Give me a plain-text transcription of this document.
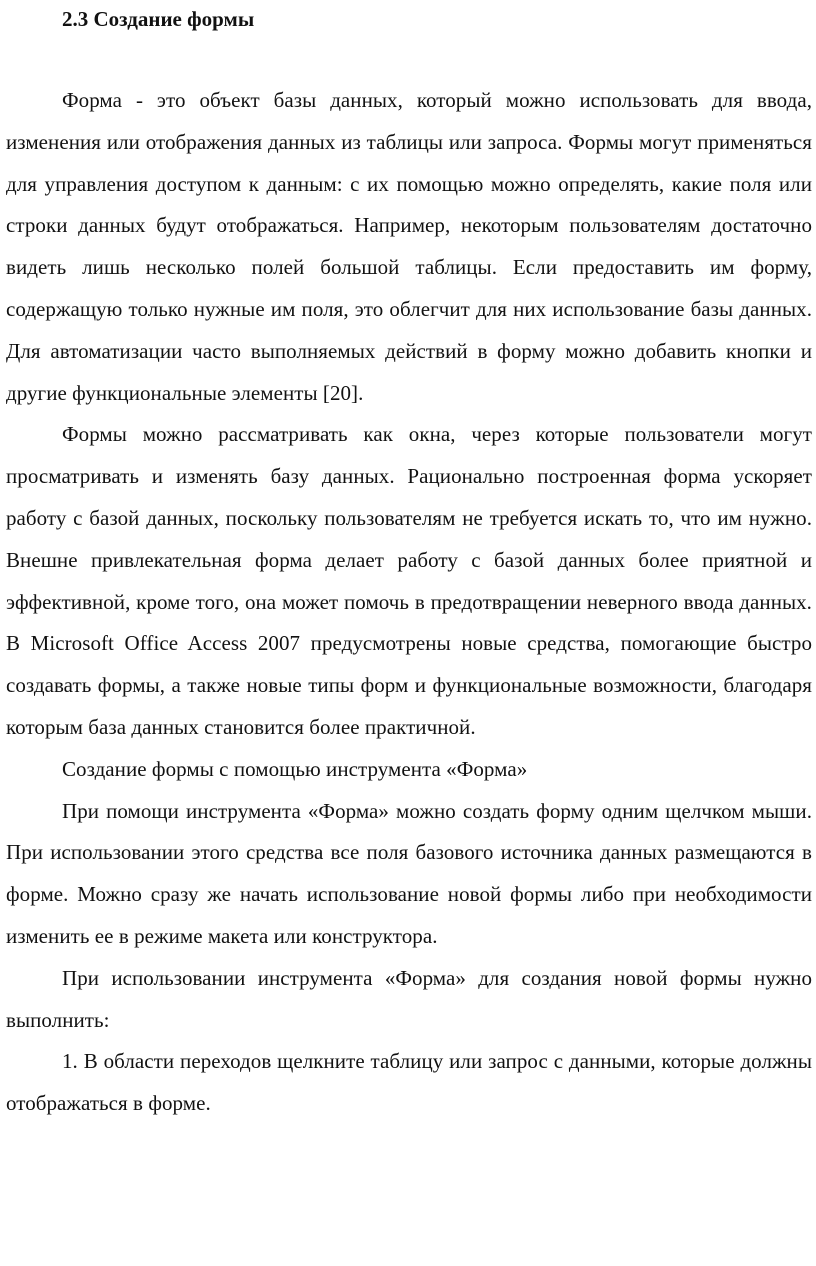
2.3 Создание формы

Форма - это объект базы данных, который можно использовать для ввода, изменения или отображения данных из таблицы или запроса. Формы могут применяться для управления доступом к данным: с их помощью можно определять, какие поля или строки данных будут отображаться. Например, некоторым пользователям достаточно видеть лишь несколько полей большой таблицы. Если предоставить им форму, содержащую только нужные им поля, это облегчит для них использование базы данных. Для автоматизации часто выполняемых действий в форму можно добавить кнопки и другие функциональные элементы [20].

Формы можно рассматривать как окна, через которые пользователи могут просматривать и изменять базу данных. Рационально построенная форма ускоряет работу с базой данных, поскольку пользователям не требуется искать то, что им нужно. Внешне привлекательная форма делает работу с базой данных более приятной и эффективной, кроме того, она может помочь в предотвращении неверного ввода данных. В Microsoft Office Access 2007 предусмотрены новые средства, помогающие быстро создавать формы, а также новые типы форм и функциональные возможности, благодаря которым база данных становится более практичной.

Создание формы с помощью инструмента «Форма»

При помощи инструмента «Форма» можно создать форму одним щелчком мыши. При использовании этого средства все поля базового источника данных размещаются в форме. Можно сразу же начать использование новой формы либо при необходимости изменить ее в режиме макета или конструктора.

При использовании инструмента «Форма» для создания новой формы нужно выполнить:

1. В области переходов щелкните таблицу или запрос с данными, которые должны отображаться в форме.
